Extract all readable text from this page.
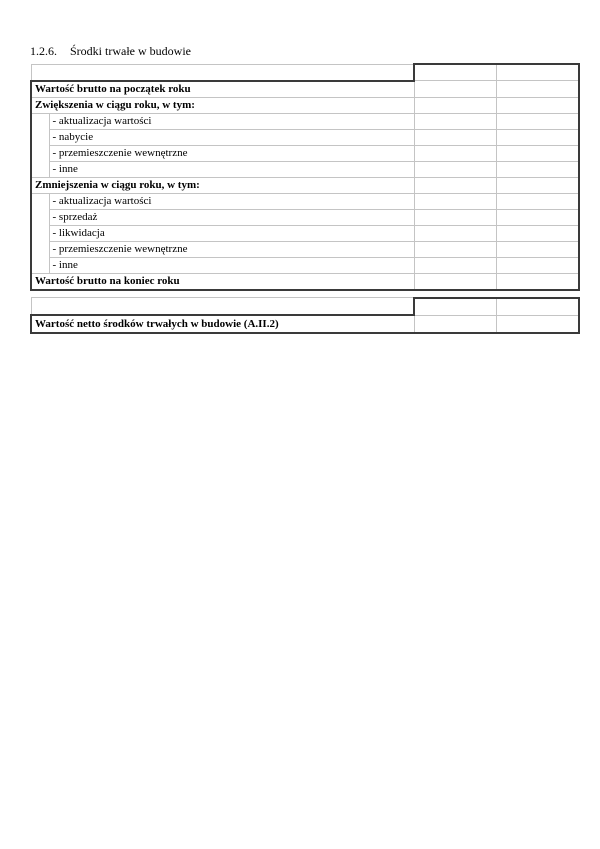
1.2.6. Środki trwałe w budowie

Wartość brutto na początek roku			
Zwiększenia w ciągu roku, w tym:			
	- aktualizacja wartości		
	- nabycie		
	- przemieszczenie wewnętrzne		
	- inne		
Zmniejszenia w ciągu roku, w tym:			
	- aktualizacja wartości		
	- sprzedaż		
	- likwidacja		
	- przemieszczenie wewnętrzne		
	- inne		
Wartość brutto na koniec roku			

Wartość netto środków trwałych w budowie (A.II.2)		
